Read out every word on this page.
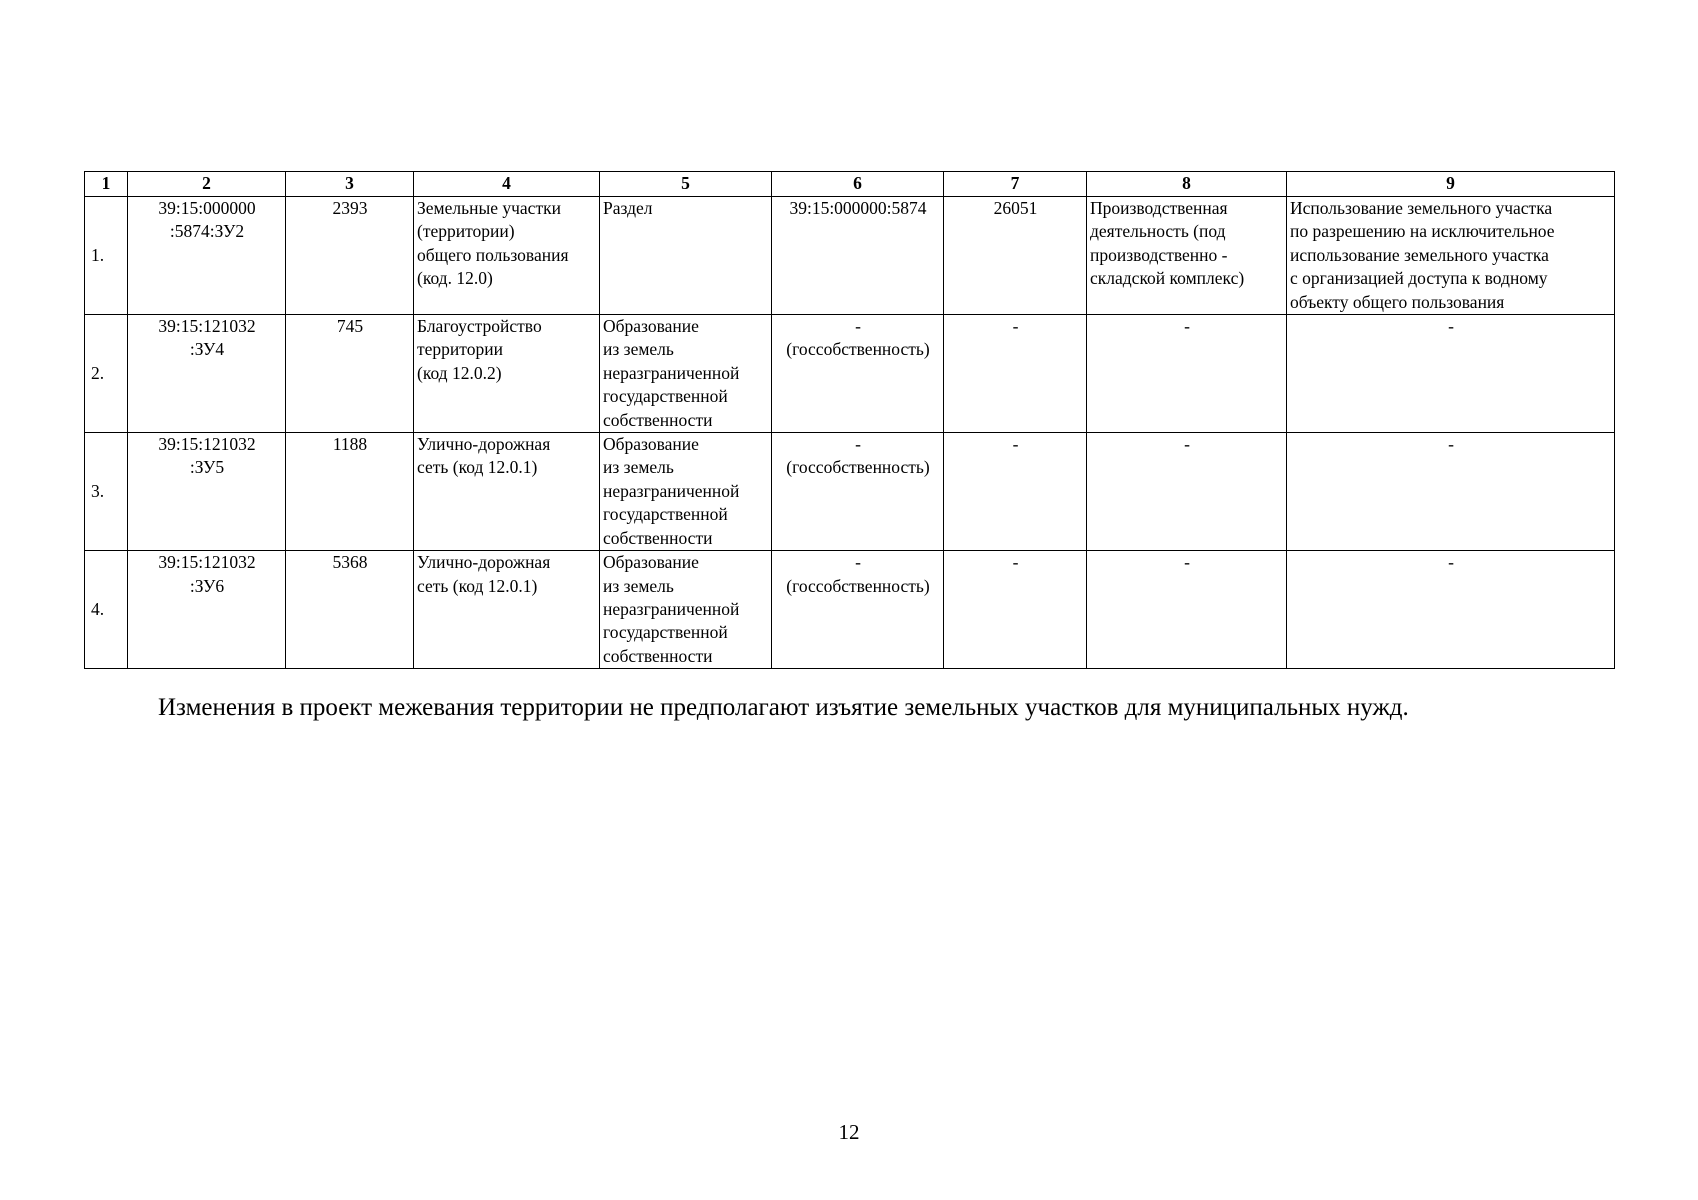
1	2	3	4	5	6	7	8	9
1.	39:15:000000
:5874:ЗУ2	2393	Земельные участки
(территории)
общего пользования
(код. 12.0)	Раздел	39:15:000000:5874	26051	Производственная
деятельность (под
производственно -
складской комплекс)	Использование земельного участка
по разрешению на исключительное
использование земельного участка
с организацией доступа к водному
объекту общего пользования

2.	39:15:121032
:ЗУ4	745	Благоустройство
территории
(код 12.0.2)	Образование
из земель
неразграниченной
государственной
собственности	-
(госсобственность)	-	-	-

3.	39:15:121032
:ЗУ5	1188	Улично-дорожная
сеть (код 12.0.1)	Образование
из земель
неразграниченной
государственной
собственности	-
(госсобственность)	-	-	-

4.	39:15:121032
:ЗУ6	5368	Улично-дорожная
сеть (код 12.0.1)	Образование
из земель
неразграниченной
государственной
собственности	-
(госсобственность)	-	-	-
Изменения в проект межевания территории не предполагают изъятие земельных участков для муниципальных нужд.
12
